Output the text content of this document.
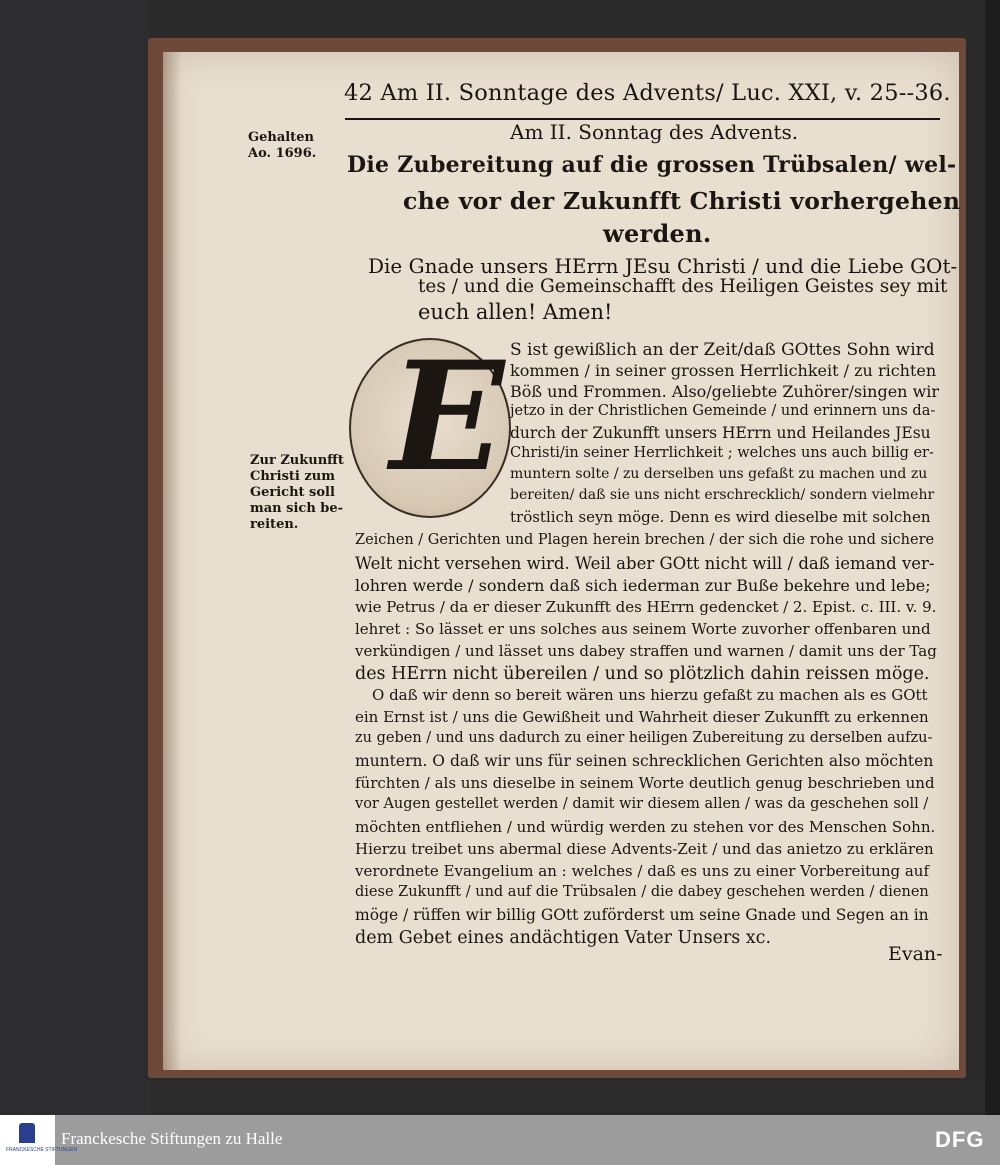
42 Am II. Sonntage des Advents/ Luc. XXI, v. 25--36.
Gehalten
Ao. 1696.
Zur Zukunfft
Christi zum
Gericht soll
man sich be-
reiten.
Am II. Sonntag des Advents.
Die Zubereitung auf die grossen Trübsalen/ wel-
che vor der Zukunfft Christi vorhergehen
werden.
Die Gnade unsers HErrn JEsu Christi / und die Liebe GOt-
tes / und die Gemeinschafft des Heiligen Geistes sey mit
euch allen! Amen!
E S ist gewißlich an der Zeit/daß GOttes Sohn wird
kommen / in seiner grossen Herrlichkeit / zu richten
Böß und Frommen. Also/geliebte Zuhörer/singen wir
jetzo in der Christlichen Gemeinde / und erinnern uns da-
durch der Zukunfft unsers HErrn und Heilandes JEsu
Christi/in seiner Herrlichkeit ; welches uns auch billig er-
muntern solte / zu derselben uns gefaßt zu machen und zu
bereiten/ daß sie uns nicht erschrecklich/ sondern vielmehr
tröstlich seyn möge. Denn es wird dieselbe mit solchen
Zeichen / Gerichten und Plagen herein brechen / der sich die rohe und sichere
Welt nicht versehen wird. Weil aber GOtt nicht will / daß iemand ver-
lohren werde / sondern daß sich iederman zur Buße bekehre und lebe;
wie Petrus / da er dieser Zukunfft des HErrn gedencket / 2. Epist. c. III. v. 9.
lehret : So lässet er uns solches aus seinem Worte zuvorher offenbaren und
verkündigen / und lässet uns dabey straffen und warnen / damit uns der Tag
des HErrn nicht übereilen / und so plötzlich dahin reissen möge.
O daß wir denn so bereit wären uns hierzu gefaßt zu machen als es GOtt
ein Ernst ist / uns die Gewißheit und Wahrheit dieser Zukunfft zu erkennen
zu geben / und uns dadurch zu einer heiligen Zubereitung zu derselben aufzu-
muntern. O daß wir uns für seinen schrecklichen Gerichten also möchten
fürchten / als uns dieselbe in seinem Worte deutlich genug beschrieben und
vor Augen gestellet werden / damit wir diesem allen / was da geschehen soll /
möchten entfliehen / und würdig werden zu stehen vor des Menschen Sohn.
Hierzu treibet uns abermal diese Advents-Zeit / und das anietzo zu erklären
verordnete Evangelium an : welches / daß es uns zu einer Vorbereitung auf
diese Zukunfft / und auf die Trübsalen / die dabey geschehen werden / dienen
möge / rüffen wir billig GOtt zuförderst um seine Gnade und Segen an in
dem Gebet eines andächtigen Vater Unsers xc.
Evan-
FRANCKESCHE STIFTUNGEN
Franckesche Stiftungen zu Halle	DFG
